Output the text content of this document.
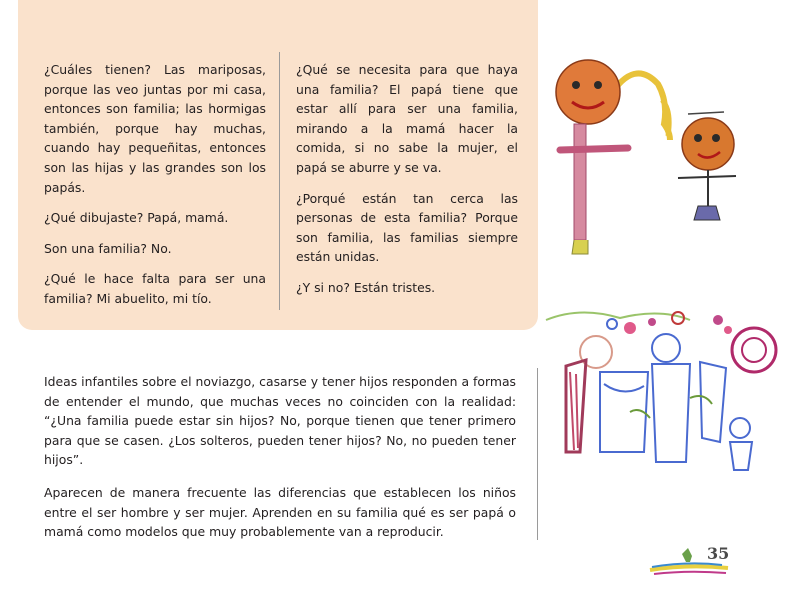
¿Cuáles tienen? Las mariposas, porque las veo juntas por mi casa, entonces son familia; las hormigas también, porque hay muchas, cuando hay pequeñitas, entonces son las hijas y las grandes son los papás.

¿Qué dibujaste? Papá, mamá.

Son una familia? No.

¿Qué le hace falta para ser una familia? Mi abuelito, mi tío.

¿Qué se necesita para que haya una familia? El papá tiene que estar allí para ser una familia, mirando a la mamá hacer la comida, si no sabe la mujer, el papá se aburre y se va.

¿Porqué están tan cerca las personas de esta familia? Porque son familia, las familias siempre están unidas.

¿Y si no? Están tristes.

Ideas infantiles sobre el noviazgo, casarse y tener hijos responden a formas de entender el mundo, que muchas veces no coinciden con la realidad: “¿Una familia puede estar sin hijos? No, porque tienen que tener primero para que se casen. ¿Los solteros, pueden tener hijos? No, no pueden tener hijos”.

Aparecen de manera frecuente las diferencias que establecen los niños entre el ser hombre y ser mujer. Aprenden en su familia qué es ser papá o mamá como modelos que muy probablemente van a reproducir.

35
